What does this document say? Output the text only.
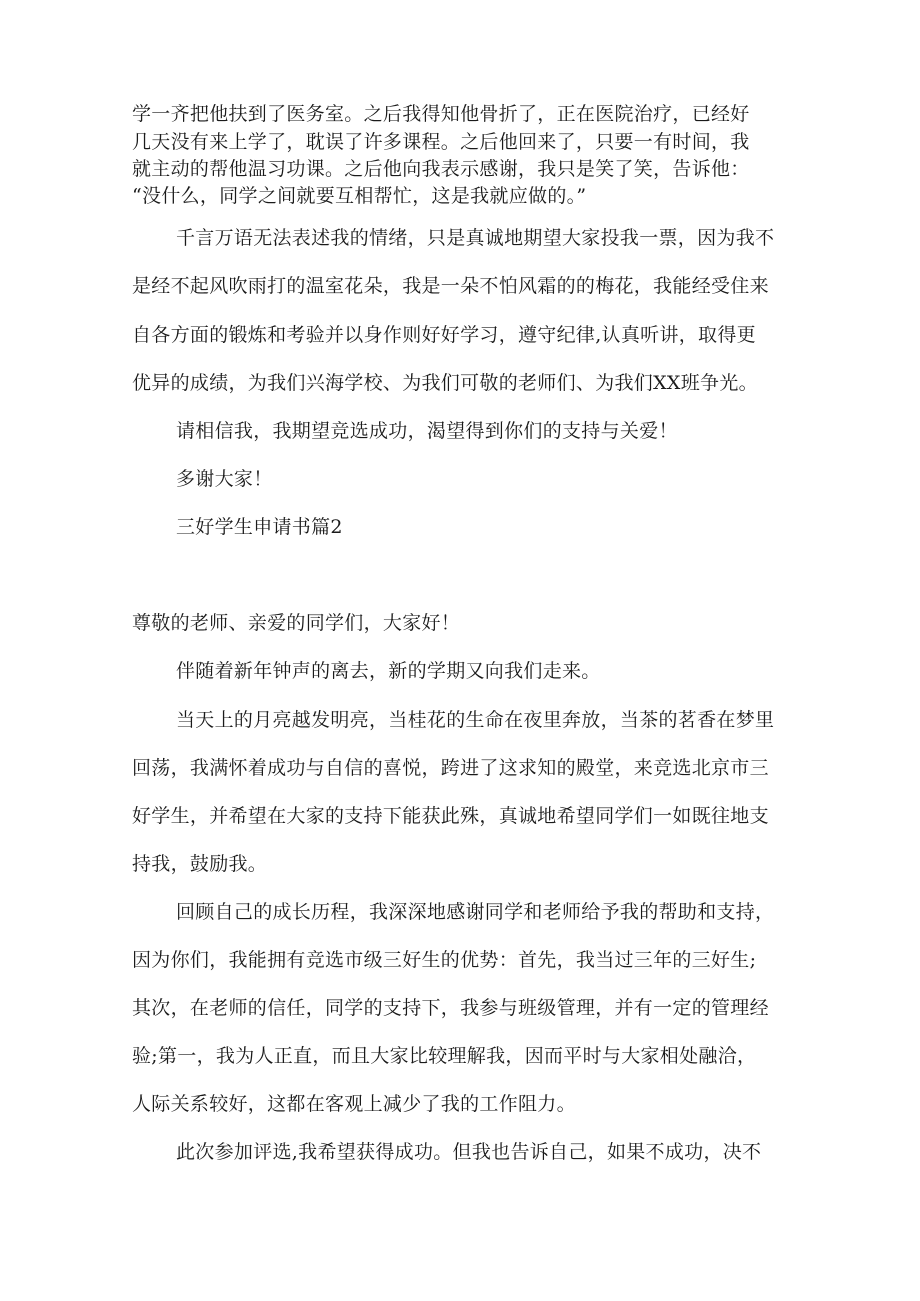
学一齐把他扶到了医务室。之后我得知他骨折了，正在医院治疗，已经好
几天没有来上学了，耽误了许多课程。之后他回来了，只要一有时间，我
就主动的帮他温习功课。之后他向我表示感谢，我只是笑了笑，告诉他：
“没什么，同学之间就要互相帮忙，这是我就应做的。”
千言万语无法表述我的情绪，只是真诚地期望大家投我一票，因为我不
是经不起风吹雨打的温室花朵，我是一朵不怕风霜的的梅花，我能经受住来
自各方面的锻炼和考验并以身作则好好学习，遵守纪律,认真听讲，取得更
优异的成绩，为我们兴海学校、为我们可敬的老师们、为我们XX班争光。
请相信我，我期望竞选成功，渴望得到你们的支持与关爱！
多谢大家！
三好学生申请书篇2
尊敬的老师、亲爱的同学们，大家好！
伴随着新年钟声的离去，新的学期又向我们走来。
当天上的月亮越发明亮，当桂花的生命在夜里奔放，当茶的茗香在梦里
回荡，我满怀着成功与自信的喜悦，跨进了这求知的殿堂，来竞选北京市三
好学生，并希望在大家的支持下能获此殊，真诚地希望同学们一如既往地支
持我，鼓励我。
回顾自己的成长历程，我深深地感谢同学和老师给予我的帮助和支持，
因为你们，我能拥有竞选市级三好生的优势：首先，我当过三年的三好生;
其次，在老师的信任，同学的支持下，我参与班级管理，并有一定的管理经
验;第一，我为人正直，而且大家比较理解我，因而平时与大家相处融洽，
人际关系较好，这都在客观上减少了我的工作阻力。
此次参加评选,我希望获得成功。但我也告诉自己，如果不成功，决不
